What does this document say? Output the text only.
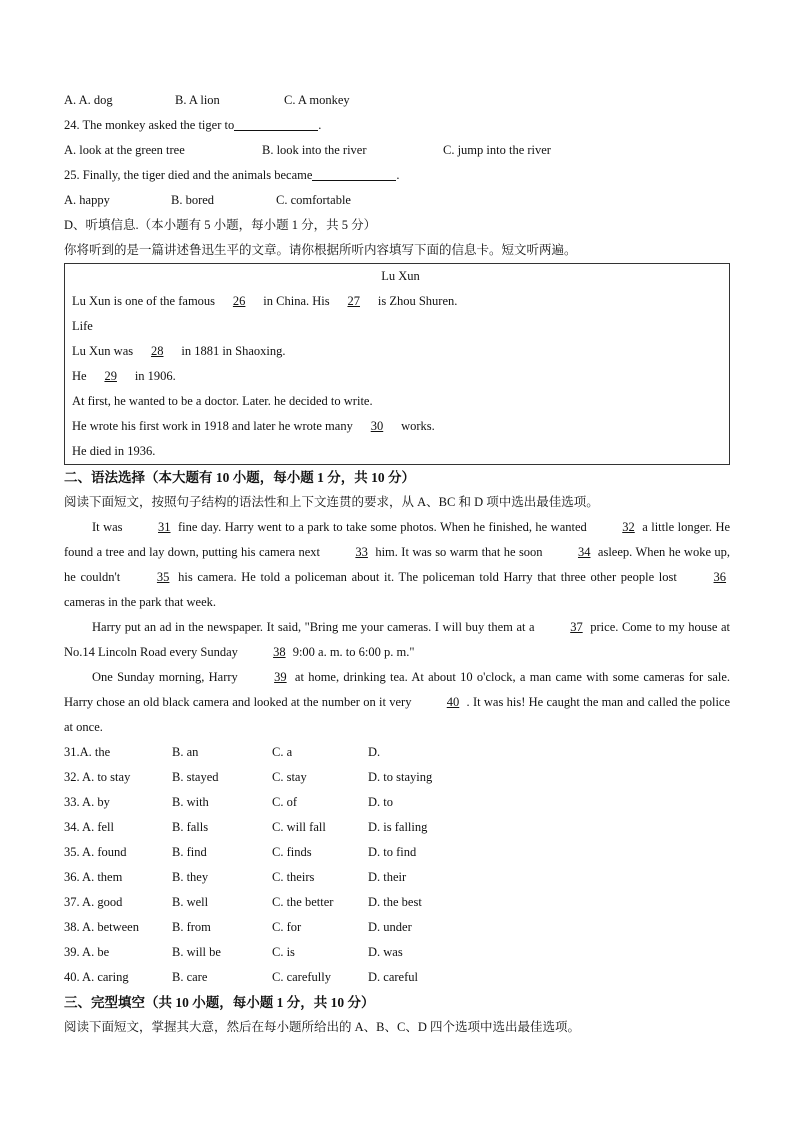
A. A. dog	B. A lion	C. A monkey
24. The monkey asked the tiger to	.
A. look at the green tree	B. look into the river	C. jump into the river
25. Finally, the tiger died and the animals became	.
A. happy	B. bored	C. comfortable
D、听填信息.（本小题有 5 小题，每小题 1 分，共 5 分）
你将听到的是一篇讲述鲁迅生平的文章。请你根据所听内容填写下面的信息卡。短文听两遍。
Lu Xun
Lu Xun is one of the famous 26 in China. His 27 is Zhou Shuren.
Life
Lu Xun was 28 in 1881 in Shaoxing.
He 29 in 1906.
At first, he wanted to be a doctor. Later. he decided to write.
He wrote his first work in 1918 and later he wrote many 30 works.
He died in 1936.
二、语法选择（本大题有 10 小题，每小题 1 分，共 10 分）
阅读下面短文，按照句子结构的语法性和上下文连贯的要求，从 A、BC 和 D 项中选出最佳选项。
It was	31 fine day. Harry went to a park to take some photos. When he finished, he wanted	32 a little longer. He found a tree and lay down, putting his camera next	33 him. It was so warm that he soon	34 asleep. When he woke up, he couldn't	35 his camera. He told a policeman about it. The policeman told Harry that three other people lost	36 cameras in the park that week.
Harry put an ad in the newspaper. It said, "Bring me your cameras. I will buy them at a	37 price. Come to my house at No.14 Lincoln Road every Sunday	38 9:00 a. m. to 6:00 p. m."
One Sunday morning, Harry	39 at home, drinking tea. At about 10 o'clock, a man came with some cameras for sale. Harry chose an old black camera and looked at the number on it very	40 . It was his! He caught the man and called the police at once.
31.A. the	B. an	C. a	D.
32. A. to stay	B. stayed	C. stay	D. to staying
33. A. by	B. with	C. of	D. to
34. A. fell	B. falls	C. will fall	D. is falling
35. A. found	B. find	C. finds	D. to find
36. A. them	B. they	C. theirs	D. their
37. A. good	B. well	C. the better	D. the best
38. A. between	B. from	C. for	D. under
39. A. be	B. will be	C. is	D. was
40. A. caring	B. care	C. carefully	D. careful
三、完型填空（共 10 小题，每小题 1 分，共 10 分）
阅读下面短文，掌握其大意，然后在每小题所给出的 A、B、C、D 四个选项中选出最佳选项。
